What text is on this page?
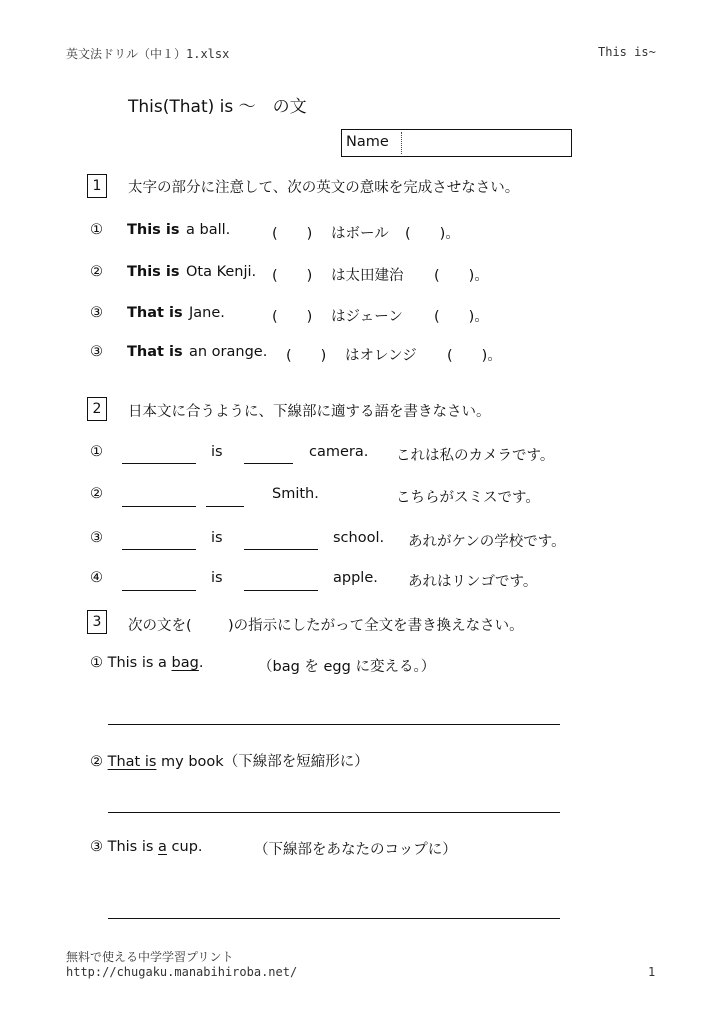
英文法ドリル（中１）1.xlsx	This is~
This(That) is ～　の文
Name
1	太字の部分に注意して、次の英文の意味を完成させなさい。
① This is a ball.	(　　) はボール (　　)。
② This is Ota Kenji. (　　) は太田建治 (　　)。
③ That is Jane.	(　　) はジェーン (　　)。
③ That is an orange. (　　) はオレンジ (　　)。
2	日本文に合うように、下線部に適する語を書きなさい。
①	is	camera. これは私のカメラです。
②	Smith.	こちらがスミスです。
③	is	school. あれがケンの学校です。
④	is	apple. あれはリンゴです。
3	次の文を(	)の指示にしたがって全文を書き換えなさい。
① This is a bag.	（bag を egg に変える。）
② That is my book（下線部を短縮形に）
③ This is a cup.	（下線部をあなたのコップに）
無料で使える中学学習プリント
http://chugaku.manabihiroba.net/	1
